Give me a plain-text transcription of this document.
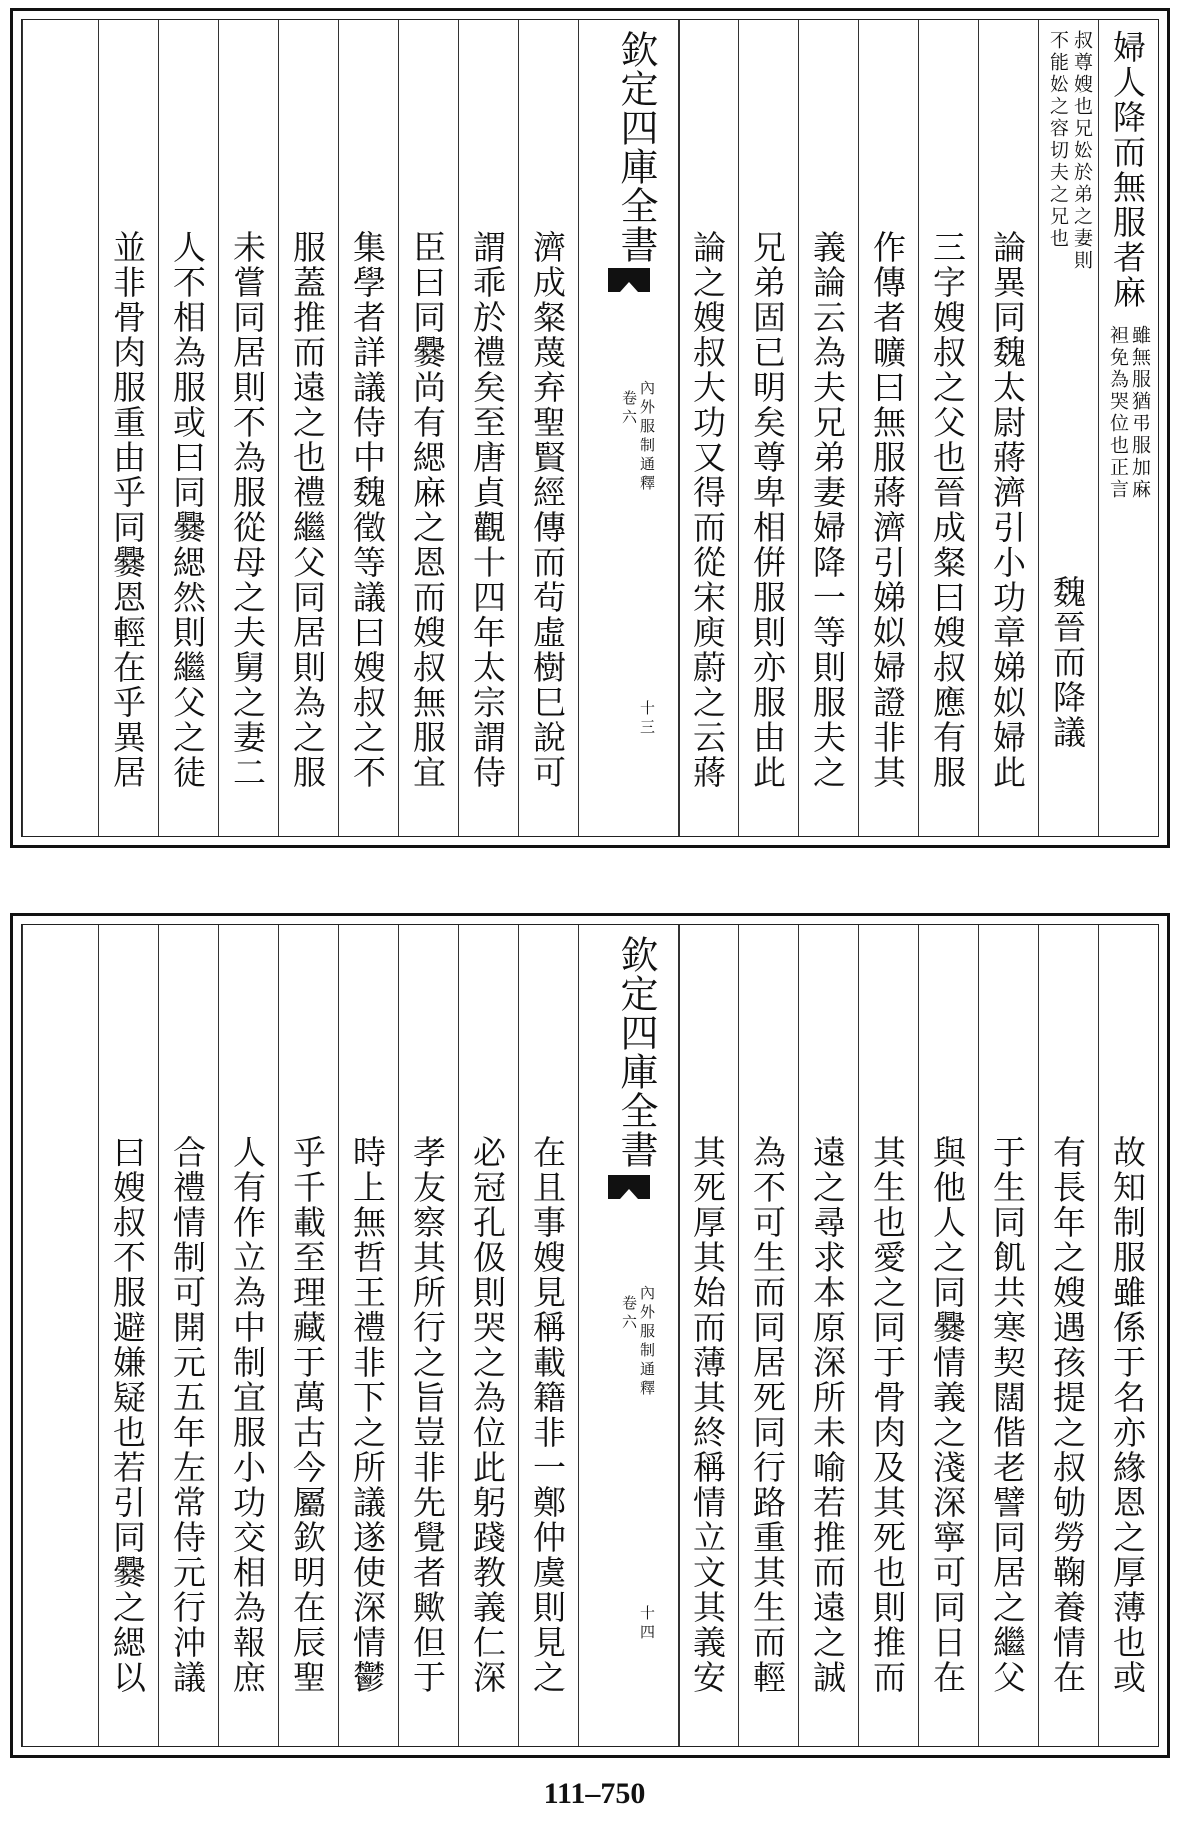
婦人降而無服者麻
雖無服猶弔服加麻
袒免為哭位也正言
叔尊嫂也兄妐於弟之妻則
不能妐之容切夫之兄也
魏晉而降議
論異同魏太尉蔣濟引小功章娣姒婦此
三字嫂叔之父也晉成粲曰嫂叔應有服
作傳者曠曰無服蔣濟引娣姒婦證非其
義論云為夫兄弟妻婦降一等則服夫之
兄弟固已明矣尊卑相倂服則亦服由此
論之嫂叔大功又得而從宋庾蔚之云蔣
欽定四庫全書
卷六 內外服制通釋
十三
濟成粲蔑弃聖賢經傳而茍虛樹巳說可
謂乖於禮矣至唐貞觀十四年太宗謂侍
臣曰同爨尚有緦麻之恩而嫂叔無服宜
集學者詳議侍中魏徵等議曰嫂叔之不
服蓋推而遠之也禮繼父同居則為之服
未嘗同居則不為服從母之夫舅之妻二
人不相為服或曰同爨緦然則繼父之徒
並非骨肉服重由乎同爨恩輕在乎異居
故知制服雖係于名亦緣恩之厚薄也或
有長年之嫂遇孩提之叔劬勞鞠養情在
于生同飢共寒契闊偕老譬同居之繼父
與他人之同爨情義之淺深寧可同日在
其生也愛之同于骨肉及其死也則推而
遠之尋求本原深所未喻若推而遠之誠
為不可生而同居死同行路重其生而輕
其死厚其始而薄其終稱情立文其義安
欽定四庫全書
卷六 內外服制通釋
十四
在且事嫂見稱載籍非一鄭仲虞則見之
必冠孔伋則哭之為位此躬踐教義仁深
孝友察其所行之旨豈非先覺者歟但于
時上無哲王禮非下之所議遂使深情鬱
乎千載至理藏于萬古今屬欽明在辰聖
人有作立為中制宜服小功交相為報庶
合禮情制可開元五年左常侍元行沖議
曰嫂叔不服避嫌疑也若引同爨之緦以
111–750
